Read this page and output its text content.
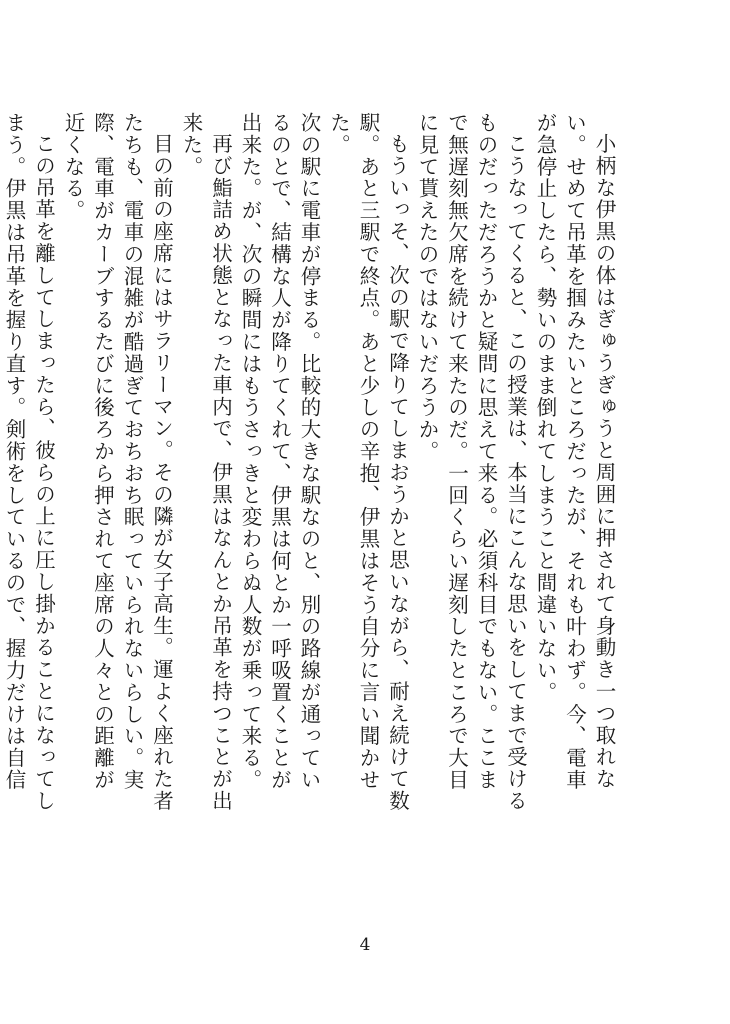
小柄な伊黒の体はぎゅうぎゅうと周囲に押されて身動き一つ取れない。せめて吊革を掴みたいところだったが、それも叶わず。今、電車が急停止したら、勢いのまま倒れてしまうこと間違いない。

こうなってくると、この授業は、本当にこんな思いをしてまで受けるものだっただろうかと疑問に思えて来る。必須科目でもない。ここまで無遅刻無欠席を続けて来たのだ。一回くらい遅刻したところで大目に見て貰えたのではないだろうか。

もういっそ、次の駅で降りてしまおうかと思いながら、耐え続けて数駅。あと三駅で終点。あと少しの辛抱、伊黒はそう自分に言い聞かせた。

次の駅に電車が停まる。比較的大きな駅なのと、別の路線が通っているのとで、結構な人が降りてくれて、伊黒は何とか一呼吸置くことが出来た。が、次の瞬間にはもうさっきと変わらぬ人数が乗って来る。

再び鮨詰め状態となった車内で、伊黒はなんとか吊革を持つことが出来た。

目の前の座席にはサラリーマン。その隣が女子高生。運よく座れた者たちも、電車の混雑が酷過ぎておちおち眠っていられないらしい。実際、電車がカーブするたびに後ろから押されて座席の人々との距離が近くなる。

この吊革を離してしまったら、彼らの上に圧し掛かることになってしまう。伊黒は吊革を握り直す。剣術をしているので、握力だけは自信

4
